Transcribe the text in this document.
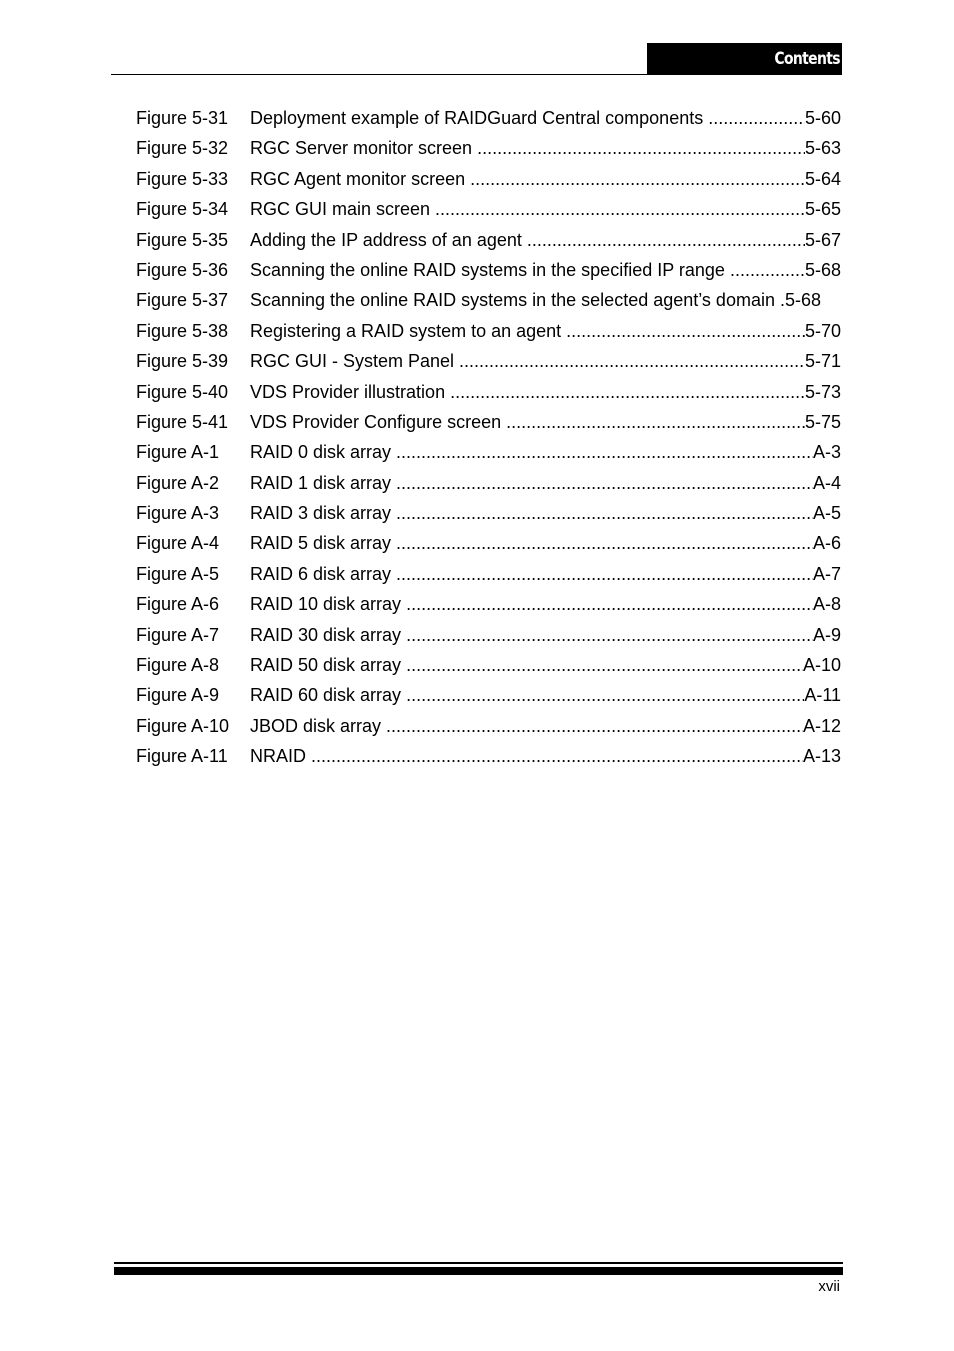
Contents
Figure 5-31	Deployment example of RAIDGuard Central components .....	5-60
Figure 5-32	RGC Server monitor screen .....	5-63
Figure 5-33	RGC Agent monitor screen .....	5-64
Figure 5-34	RGC GUI main screen .....	5-65
Figure 5-35	Adding the IP address of an agent .....	5-67
Figure 5-36	Scanning the online RAID systems in the specified IP range .....	5-68
Figure 5-37	Scanning the online RAID systems in the selected agent’s domain .5-68
Figure 5-38	Registering a RAID system to an agent .....	5-70
Figure 5-39	RGC GUI - System Panel .....	5-71
Figure 5-40	VDS Provider illustration .....	5-73
Figure 5-41	VDS Provider Configure screen .....	5-75
Figure A-1	RAID 0 disk array .....	A-3
Figure A-2	RAID 1 disk array .....	A-4
Figure A-3	RAID 3 disk array .....	A-5
Figure A-4	RAID 5 disk array .....	A-6
Figure A-5	RAID 6 disk array .....	A-7
Figure A-6	RAID 10 disk array .....	A-8
Figure A-7	RAID 30 disk array .....	A-9
Figure A-8	RAID 50 disk array .....	A-10
Figure A-9	RAID 60 disk array .....	A-11
Figure A-10	JBOD disk array .....	A-12
Figure A-11	NRAID .....	A-13
xvii
